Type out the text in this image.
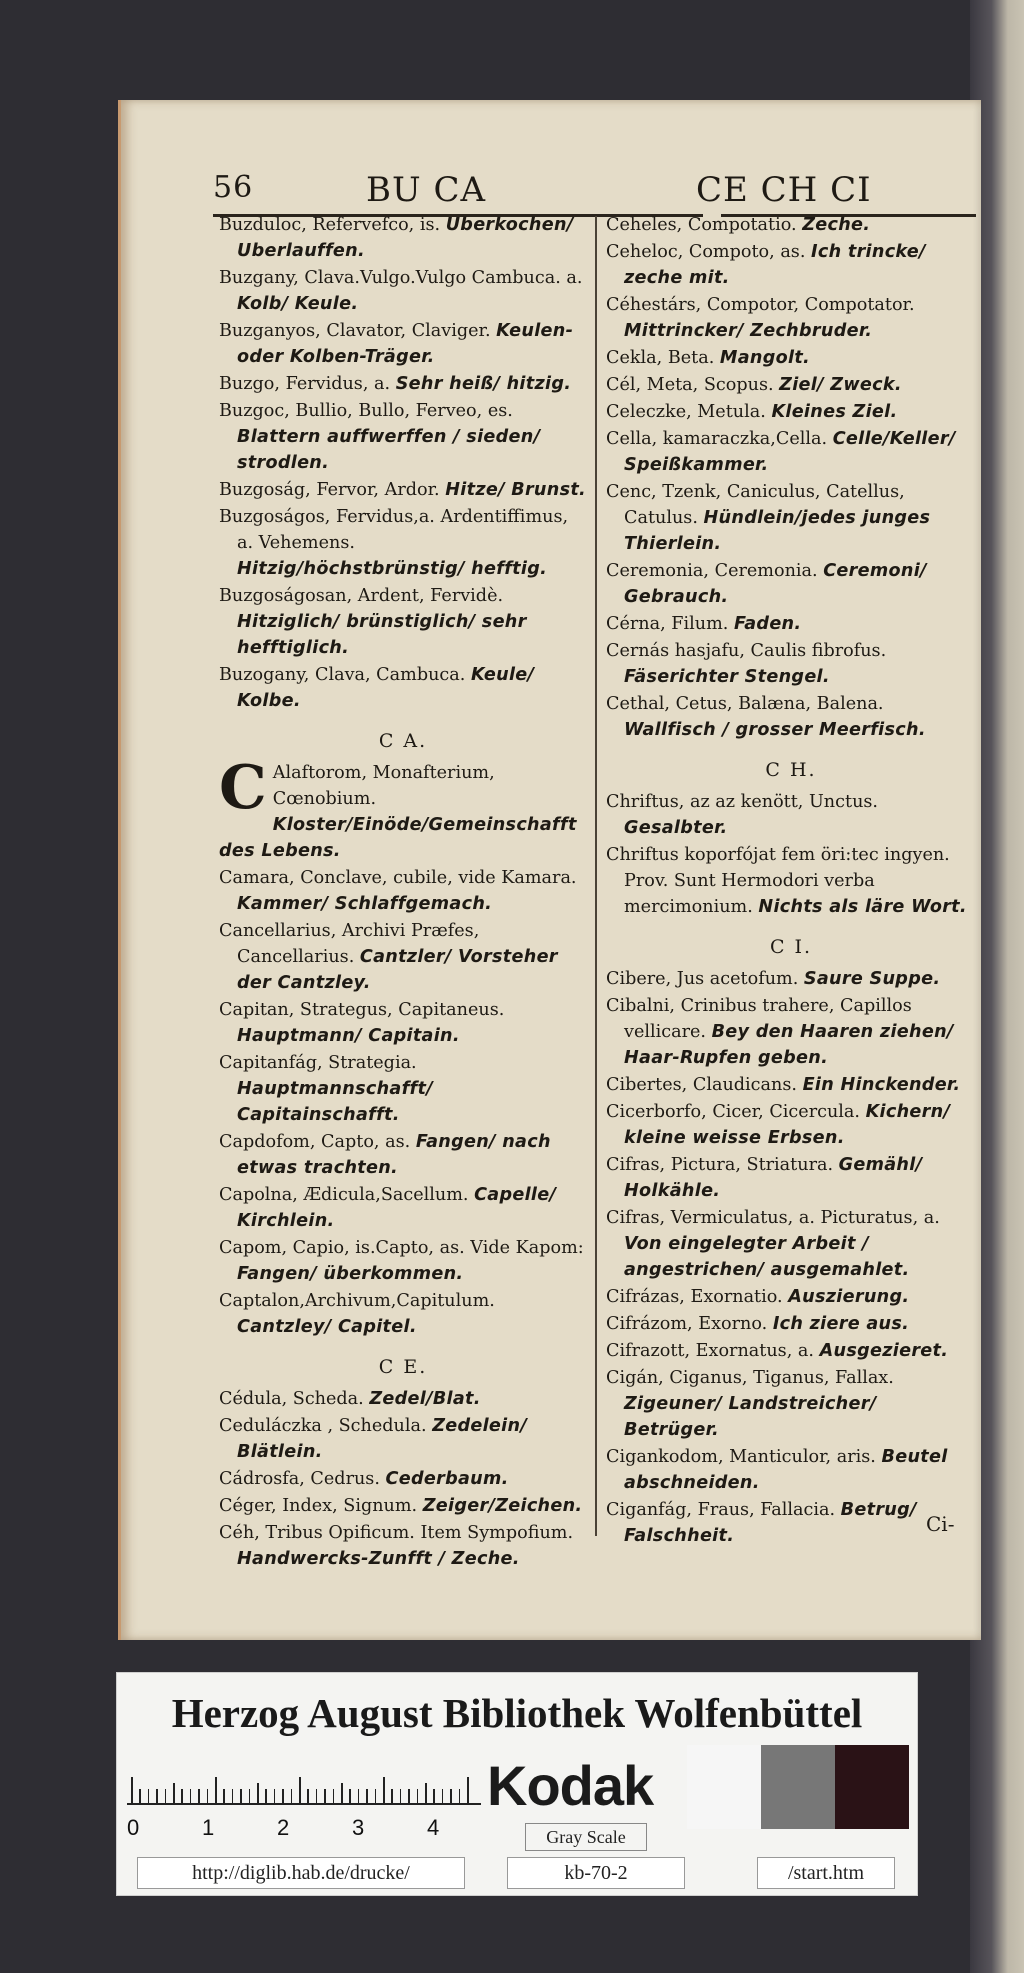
56	BU CA	CE CH CI
Buzduloc, Refervefco, is. Uberkochen/ Uberlauffen.
Buzgany, Clava.Vulgo.Vulgo Cambuca. a. Kolb/ Keule.
Buzganyos, Clavator, Claviger. Keulen-oder Kolben-Träger.
Buzgo, Fervidus, a. Sehr heiß/ hitzig.
Buzgoc, Bullio, Bullo, Ferveo, es. Blattern auffwerffen / sieden/ strodlen.
Buzgoság, Fervor, Ardor. Hitze/ Brunst.
Buzgoságos, Fervidus,a. Ardentiffimus, a. Vehemens. Hitzig/höchstbrünstig/ hefftig.
Buzgoságosan, Ardent, Fervidè. Hitziglich/ brünstiglich/ sehr hefftiglich.
Buzogany, Clava, Cambuca. Keule/ Kolbe.
C A.
C Alaftorom, Monafterium, Cœnobium. Kloster/Einöde/Gemeinschafft des Lebens.
Camara, Conclave, cubile, vide Kamara. Kammer/ Schlaffgemach.
Cancellarius, Archivi Præfes, Cancellarius. Cantzler/ Vorsteher der Cantzley.
Capitan, Strategus, Capitaneus. Hauptmann/ Capitain.
Capitanfág, Strategia. Hauptmannschafft/ Capitainschafft.
Capdofom, Capto, as. Fangen/ nach etwas trachten.
Capolna, Ædicula,Sacellum. Capelle/ Kirchlein.
Capom, Capio, is.Capto, as. Vide Kapom: Fangen/ überkommen.
Captalon,Archivum,Capitulum. Cantzley/ Capitel.
C E.
Cédula, Scheda. Zedel/Blat.
Ceduláczka , Schedula. Zedelein/ Blätlein.
Cádrosfa, Cedrus. Cederbaum.
Céger, Index, Signum. Zeiger/Zeichen.
Céh, Tribus Opificum. Item Sympofium. Handwercks-Zunfft / Zeche.
Ceheles, Compotatio. Zeche.
Ceheloc, Compoto, as. Ich trincke/ zeche mit.
Céhestárs, Compotor, Compotator. Mittrincker/ Zechbruder.
Cekla, Beta. Mangolt.
Cél, Meta, Scopus. Ziel/ Zweck.
Celeczke, Metula. Kleines Ziel.
Cella, kamaraczka,Cella. Celle/Keller/ Speißkammer.
Cenc, Tzenk, Caniculus, Catellus, Catulus. Hündlein/jedes junges Thierlein.
Ceremonia, Ceremonia. Ceremoni/ Gebrauch.
Cérna, Filum. Faden.
Cernás hasjafu, Caulis fibrofus. Fäserichter Stengel.
Cethal, Cetus, Balæna, Balena. Wallfisch / grosser Meerfisch.
C H.
Chriftus, az az kenött, Unctus. Gesalbter.
Chriftus koporfójat fem öri:tec ingyen. Prov. Sunt Hermodori verba mercimonium. Nichts als läre Wort.
C I.
Cibere, Jus acetofum. Saure Suppe.
Cibalni, Crinibus trahere, Capillos vellicare. Bey den Haaren ziehen/ Haar-Rupfen geben.
Cibertes, Claudicans. Ein Hinckender.
Cicerborfo, Cicer, Cicercula. Kichern/ kleine weisse Erbsen.
Cifras, Pictura, Striatura. Gemähl/ Holkähle.
Cifras, Vermiculatus, a. Picturatus, a. Von eingelegter Arbeit / angestrichen/ ausgemahlet.
Cifrázas, Exornatio. Auszierung.
Cifrázom, Exorno. Ich ziere aus.
Cifrazott, Exornatus, a. Ausgezieret.
Cigán, Ciganus, Tiganus, Fallax. Zigeuner/ Landstreicher/ Betrüger.
Cigankodom, Manticulor, aris. Beutel abschneiden.
Ciganfág, Fraus, Fallacia. Betrug/ Falschheit.	Ci-
Herzog August Bibliothek Wolfenbüttel
0	1	2	3	4
Kodak
Gray Scale
http://diglib.hab.de/drucke/	kb-70-2	/start.htm
